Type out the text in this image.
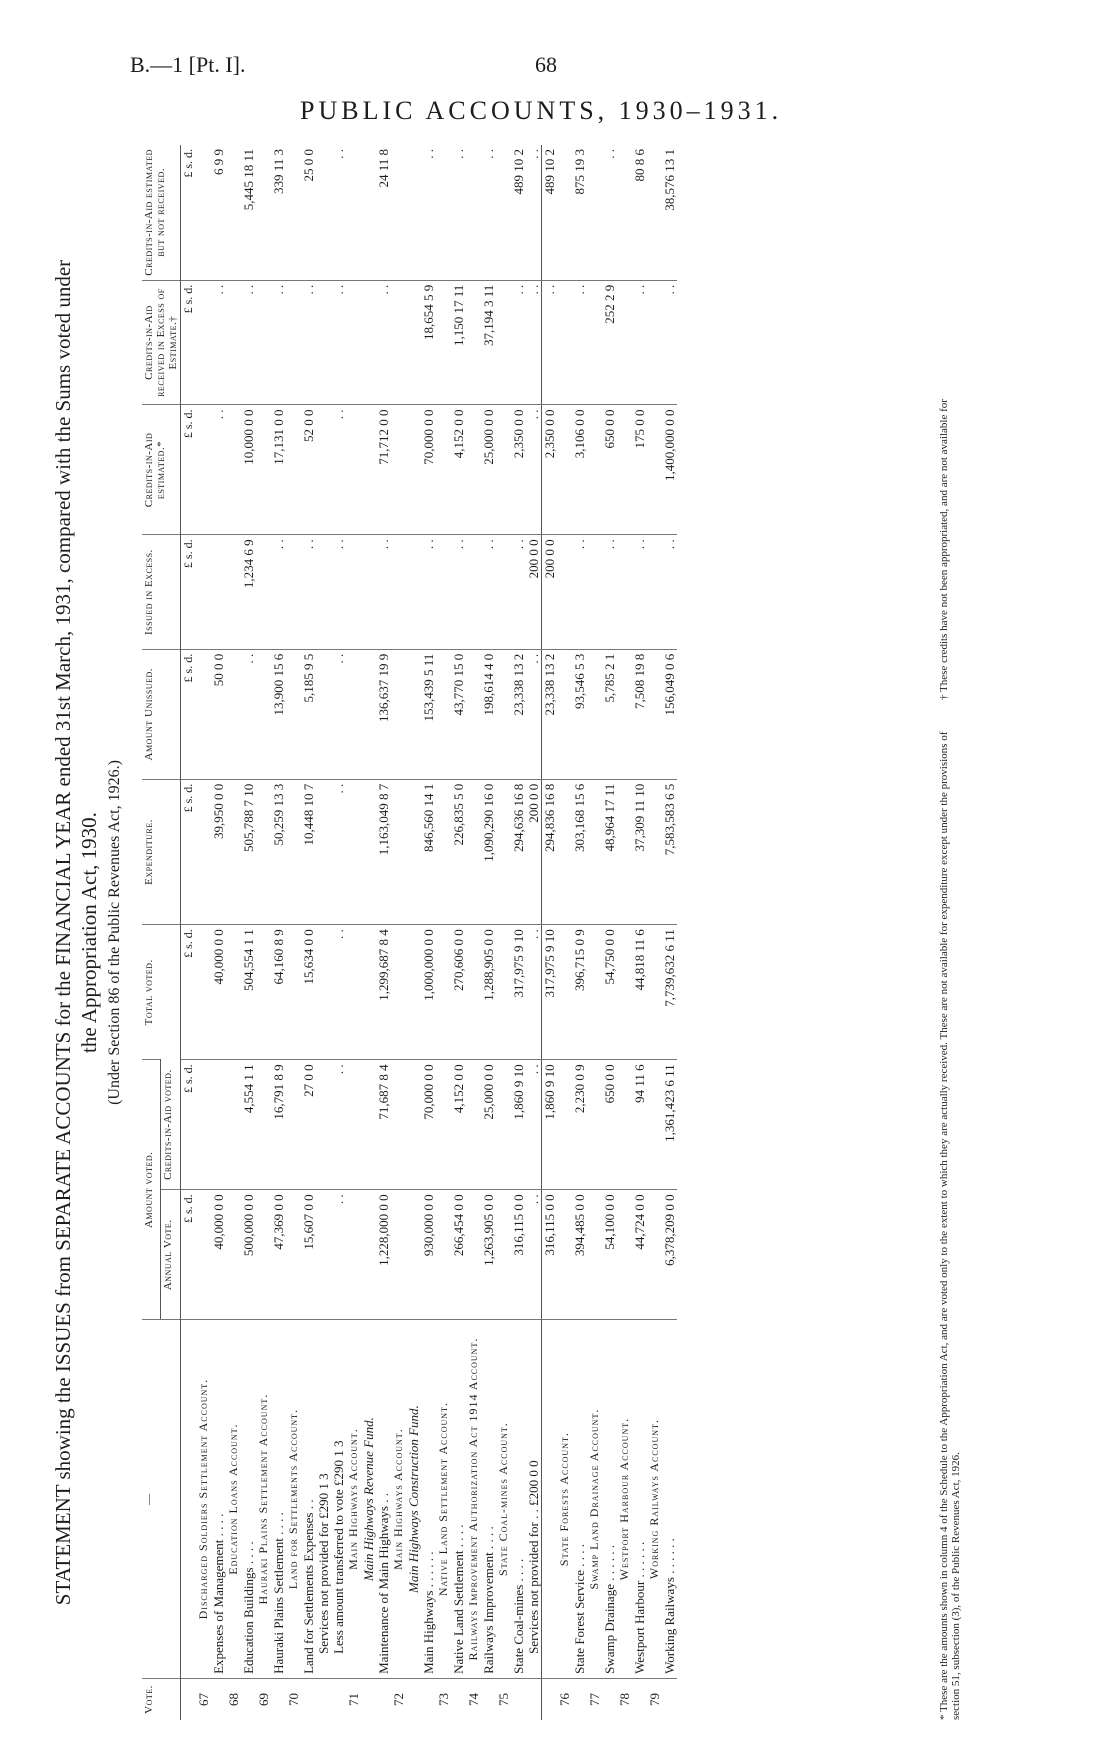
B.—1 [Pt. I].	68
PUBLIC ACCOUNTS, 1930–1931.
STATEMENT showing the ISSUES from SEPARATE ACCOUNTS for the FINANCIAL YEAR ended 31st March, 1931, compared with the Sums voted under the Appropriation Act, 1930. (Under Section 86 of the Public Revenues Act, 1926.)
Vote.	—	Amount voted.		Total voted.	Expenditure.	Amount Unissued.	Issued in Excess.	Credits-in-Aid estimated.*	Credits-in-Aid received in Excess of Estimate.†	Credits-in-Aid estimated but not received.
		Annual Vote.	Credits-in-Aid voted.							
		£ s. d.	£ s. d.	£ s. d.	£ s. d.	£ s. d.	£ s. d.	£ s. d.	£ s. d.	£ s. d.
67	Discharged Soldiers Settlement Account.									
	Expenses of Management . . . .	40,000 0 0		40,000 0 0	39,950 0 0	50 0 0		. .	. .	6 9 9
68	Education Loans Account.									
	Education Buildings . . . .	500,000 0 0	4,554 1 1	504,554 1 1	505,788 7 10	. .	1,234 6 9	10,000 0 0	. .	5,445 18 11
69	Hauraki Plains Settlement Account.									
	Hauraki Plains Settlement . . . .	47,369 0 0	16,791 8 9	64,160 8 9	50,259 13 3	13,900 15 6	. .	17,131 0 0	. .	339 11 3
70	Land for Settlements Account.									
	Land for Settlements Expenses . .	15,607 0 0	27 0 0	15,634 0 0	10,448 10 7	5,185 9 5	. .	52 0 0	. .	25 0 0
	Services not provided for £290 1 3									
	Less amount transferred to vote £290 1 3	. .	. .	. .	. .	. .	. .	. .	. .	. .
71	Main Highways Account.									
	Main Highways Revenue Fund.									
	Maintenance of Main Highways . .	1,228,000 0 0	71,687 8 4	1,299,687 8 4	1,163,049 8 7	136,637 19 9	. .	71,712 0 0	. .	24 11 8
72	Main Highways Account.									
	Main Highways Construction Fund.									
	Main Highways . . . . . .	930,000 0 0	70,000 0 0	1,000,000 0 0	846,560 14 1	153,439 5 11	. .	70,000 0 0	18,654 5 9	. .
73	Native Land Settlement Account.									
	Native Land Settlement . . . .	266,454 0 0	4,152 0 0	270,606 0 0	226,835 5 0	43,770 15 0	. .	4,152 0 0	1,150 17 11	. .
74	Railways Improvement Authorization Act 1914 Account.									
	Railways Improvement . . . .	1,263,905 0 0	25,000 0 0	1,288,905 0 0	1,090,290 16 0	198,614 4 0	. .	25,000 0 0	37,194 3 11	. .
75	State Coal-mines Account.									
	State Coal-mines . . . .	316,115 0 0	1,860 9 10	317,975 9 10	294,636 16 8	23,338 13 2	. .	2,350 0 0	. .	489 10 2
	Services not provided for . . £200 0 0	. .	. .	. .	200 0 0	. .	200 0 0	. .	. .	. .
		316,115 0 0	1,860 9 10	317,975 9 10	294,836 16 8	23,338 13 2	200 0 0	2,350 0 0	. .	489 10 2
76	State Forests Account.									
	State Forest Service . . . .	394,485 0 0	2,230 0 9	396,715 0 9	303,168 15 6	93,546 5 3	. .	3,106 0 0	. .	875 19 3
77	Swamp Land Drainage Account.									
	Swamp Drainage . . . . . .	54,100 0 0	650 0 0	54,750 0 0	48,964 17 11	5,785 2 1	. .	650 0 0	252 2 9	. .
78	Westport Harbour Account.									
	Westport Harbour . . . . . .	44,724 0 0	94 11 6	44,818 11 6	37,309 11 10	7,508 19 8	. .	175 0 0	. .	80 8 6
79	Working Railways Account.									
	Working Railways . . . . . .	6,378,209 0 0	1,361,423 6 11	7,739,632 6 11	7,583,583 6 5	156,049 0 6	. .	1,400,000 0 0	. .	38,576 13 1
* These are the amounts shown in column 4 of the Schedule to the Appropriation Act, and are voted only to the extent to which they are actually received. These are not available for expenditure except under the provisions of section 51, subsection (3), of the Public Revenues Act, 1926.
† These credits have not been appropriated, and are not available for
